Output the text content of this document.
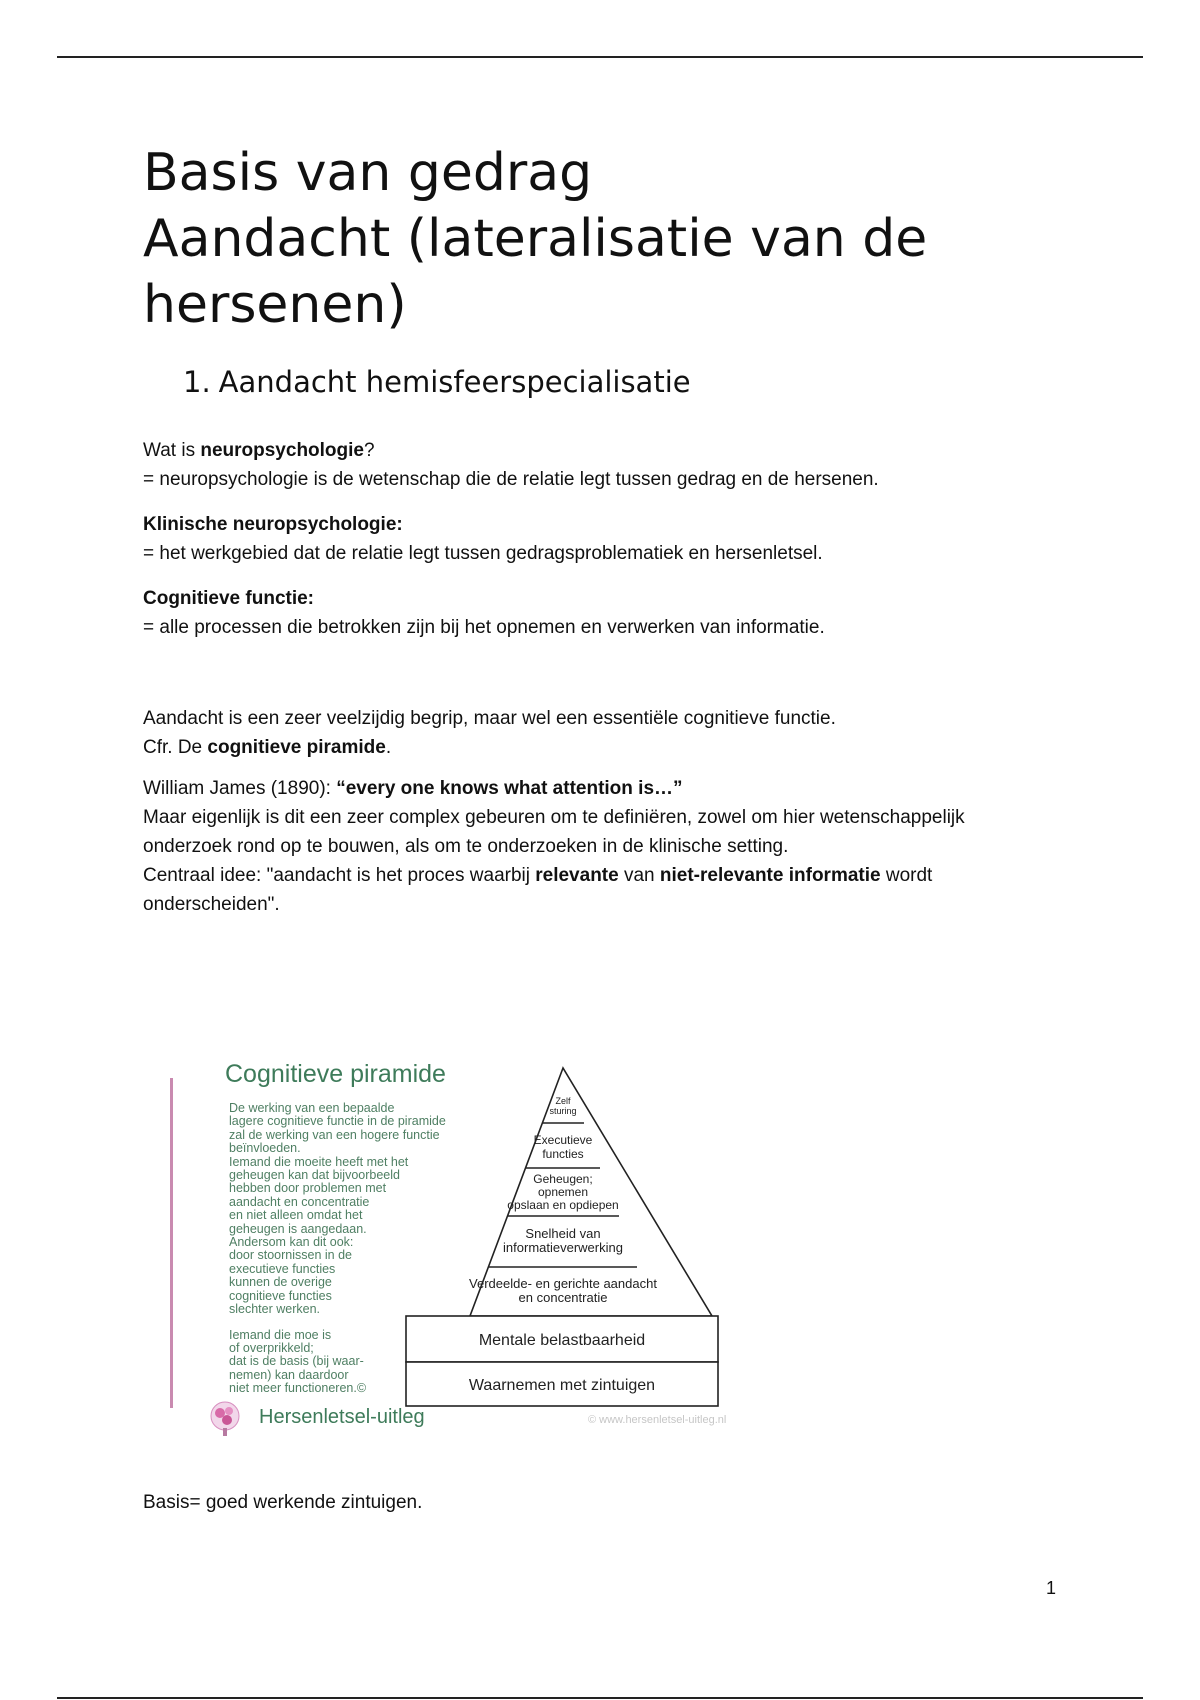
Basis van gedrag
Aandacht (lateralisatie van de
hersenen)
1. Aandacht hemisfeerspecialisatie

Wat is neuropsychologie?

= neuropsychologie is de wetenschap die de relatie legt tussen gedrag en de hersenen.

Klinische neuropsychologie:

= het werkgebied dat de relatie legt tussen gedragsproblematiek en hersenletsel.

Cognitieve functie:

= alle processen die betrokken zijn bij het opnemen en verwerken van informatie.

Aandacht is een zeer veelzijdig begrip, maar wel een essentiële cognitieve functie.

Cfr. De cognitieve piramide.

William James (1890): “every one knows what attention is…”

Maar eigenlijk is dit een zeer complex gebeuren om te definiëren, zowel om hier wetenschappelijk

onderzoek rond op te bouwen, als om te onderzoeken in de klinische setting.

Centraal idee: "aandacht is het proces waarbij relevante van niet-relevante informatie wordt

onderscheiden".

Cognitieve piramide
De werking van een bepaalde
lagere cognitieve functie in de piramide
zal de werking van een hogere functie
beïnvloeden.
Iemand die moeite heeft met het
geheugen kan dat bijvoorbeeld
hebben door problemen met
aandacht en concentratie
en niet alleen omdat het
geheugen is aangedaan.
Andersom kan dit ook:
door stoornissen in de
executieve functies
kunnen de overige
cognitieve functies
slechter werken.
Iemand die moe is
of overprikkeld;
dat is de basis (bij waar-
nemen) kan daardoor
niet meer functioneren.©
Zelf
sturing
Executieve
functies
Geheugen;
opnemen
opslaan en opdiepen
Snelheid van
informatieverwerking
Verdeelde- en gerichte aandacht
en concentratie
Mentale belastbaarheid
Waarnemen met zintuigen
Hersenletsel-uitleg	© www.hersenletsel-uitleg.nl
Basis= goed werkende zintuigen.
1
